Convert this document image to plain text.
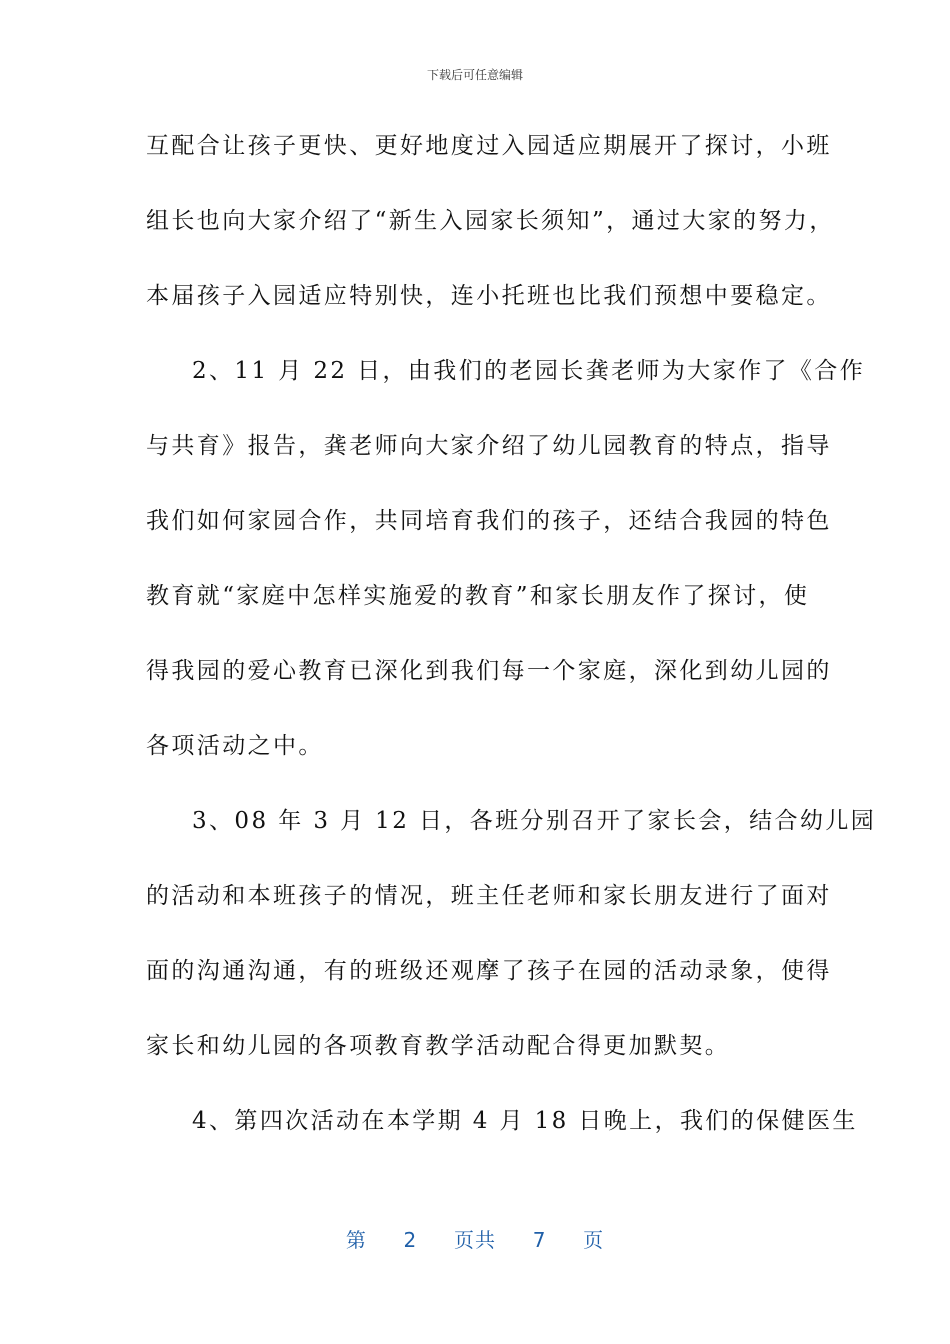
下载后可任意编辑
互配合让孩子更快、更好地度过入园适应期展开了探讨，小班
组长也向大家介绍了“新生入园家长须知”，通过大家的努力，
本届孩子入园适应特别快，连小托班也比我们预想中要稳定。
2、11 月 22 日，由我们的老园长龚老师为大家作了《合作
与共育》报告，龚老师向大家介绍了幼儿园教育的特点，指导
我们如何家园合作，共同培育我们的孩子，还结合我园的特色
教育就“家庭中怎样实施爱的教育”和家长朋友作了探讨，使
得我园的爱心教育已深化到我们每一个家庭，深化到幼儿园的
各项活动之中。
3、08 年 3 月 12 日，各班分别召开了家长会，结合幼儿园
的活动和本班孩子的情况，班主任老师和家长朋友进行了面对
面的沟通沟通，有的班级还观摩了孩子在园的活动录象，使得
家长和幼儿园的各项教育教学活动配合得更加默契。
4、第四次活动在本学期 4 月 18 日晚上，我们的保健医生
第 2 页共 7 页
